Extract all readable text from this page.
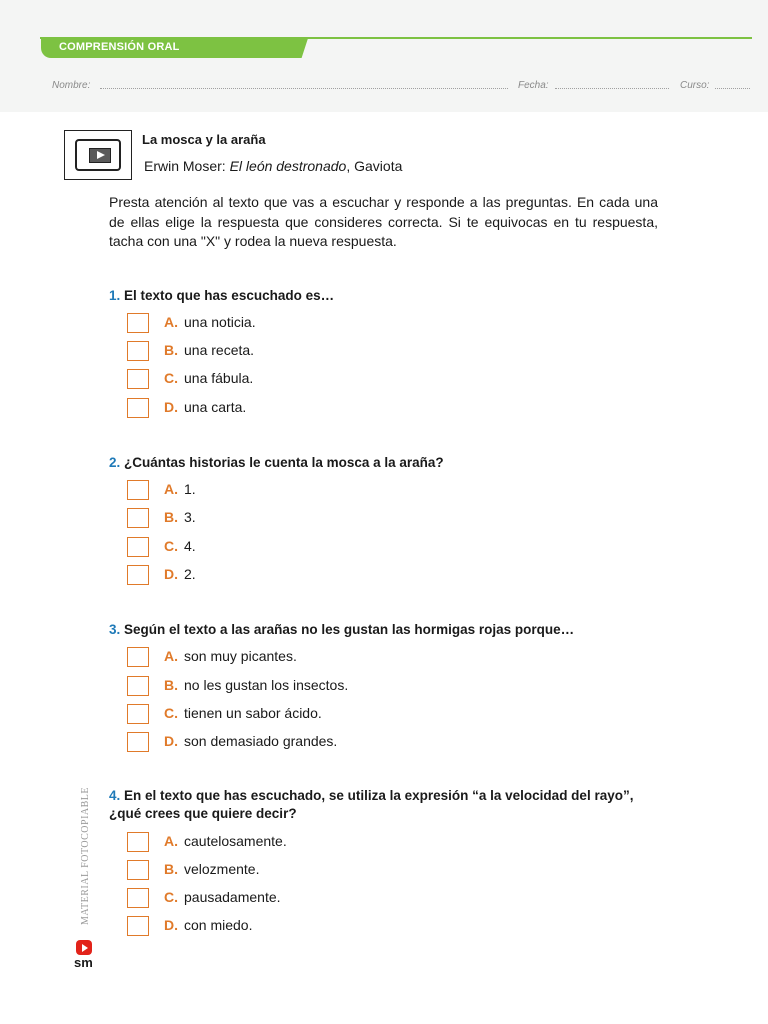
COMPRENSIÓN ORAL
Nombre:	Fecha:	Curso:
La mosca y la araña
Erwin Moser: El león destronado, Gaviota
Presta atención al texto que vas a escuchar y responde a las preguntas. En cada una de ellas elige la respuesta que consideres correcta. Si te equivocas en tu respuesta, tacha con una "X" y rodea la nueva respuesta.
1. El texto que has escuchado es…
A. una noticia.
B. una receta.
C. una fábula.
D. una carta.
2. ¿Cuántas historias le cuenta la mosca a la araña?
A. 1.
B. 3.
C. 4.
D. 2.
3. Según el texto a las arañas no les gustan las hormigas rojas porque…
A. son muy picantes.
B. no les gustan los insectos.
C. tienen un sabor ácido.
D. son demasiado grandes.
4. En el texto que has escuchado, se utiliza la expresión “a la velocidad del rayo”, ¿qué crees que quiere decir?
A. cautelosamente.
B. velozmente.
C. pausadamente.
D. con miedo.
MATERIAL FOTOCOPIABLE
sm
